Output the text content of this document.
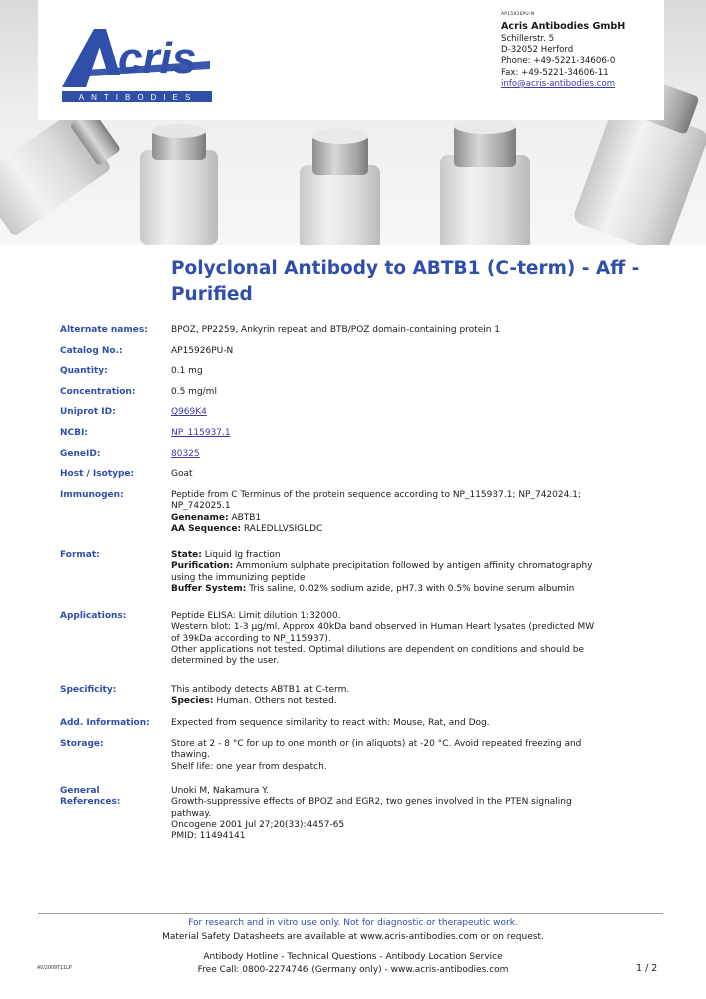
cris
ANTIBODIES
AP15926PU-N
Acris Antibodies GmbH
Schillerstr. 5
D-32052 Herford
Phone: +49-5221-34606-0
Fax: +49-5221-34606-11
info@acris-antibodies.com
Polyclonal Antibody to ABTB1 (C-term) - Aff -
Purified
Alternate names:	BPOZ, PP2259, Ankyrin repeat and BTB/POZ domain-containing protein 1
Catalog No.:	AP15926PU-N
Quantity:	0.1 mg
Concentration:	0.5 mg/ml
Uniprot ID:	Q969K4
NCBI:	NP_115937.1
GeneID:	80325
Host / Isotype:	Goat
Immunogen:	Peptide from C Terminus of the protein sequence according to NP_115937.1; NP_742024.1;
NP_742025.1
Genename: ABTB1
AA Sequence: RALEDLLVSIGLDC
Format:	State: Liquid Ig fraction
Purification: Ammonium sulphate precipitation followed by antigen affinity chromatography
using the immunizing peptide
Buffer System: Tris saline, 0.02% sodium azide, pH7.3 with 0.5% bovine serum albumin
Applications:	Peptide ELISA: Limit dilution 1:32000.
Western blot: 1-3 µg/ml. Approx 40kDa band observed in Human Heart lysates (predicted MW
of 39kDa according to NP_115937).
Other applications not tested. Optimal dilutions are dependent on conditions and should be
determined by the user.
Specificity:	This antibody detects ABTB1 at C-term.
Species: Human. Others not tested.
Add. Information:	Expected from sequence similarity to react with: Mouse, Rat, and Dog.
Storage:	Store at 2 - 8 °C for up to one month or (in aliquots) at -20 °C. Avoid repeated freezing and
thawing.
Shelf life: one year from despatch.
General
References:
Unoki M, Nakamura Y.
Growth-suppressive effects of BPOZ and EGR2, two genes involved in the PTEN signaling
pathway.
Oncogene 2001 Jul 27;20(33):4457-65
PMID: 11494141
For research and in vitro use only. Not for diagnostic or therapeutic work.
Material Safety Datasheets are available at www.acris-antibodies.com or on request.
Antibody Hotline - Technical Questions - Antibody Location Service
Free Call: 0800-2274746 (Germany only) - www.acris-antibodies.com
AV/2009T11LP	1 / 2
